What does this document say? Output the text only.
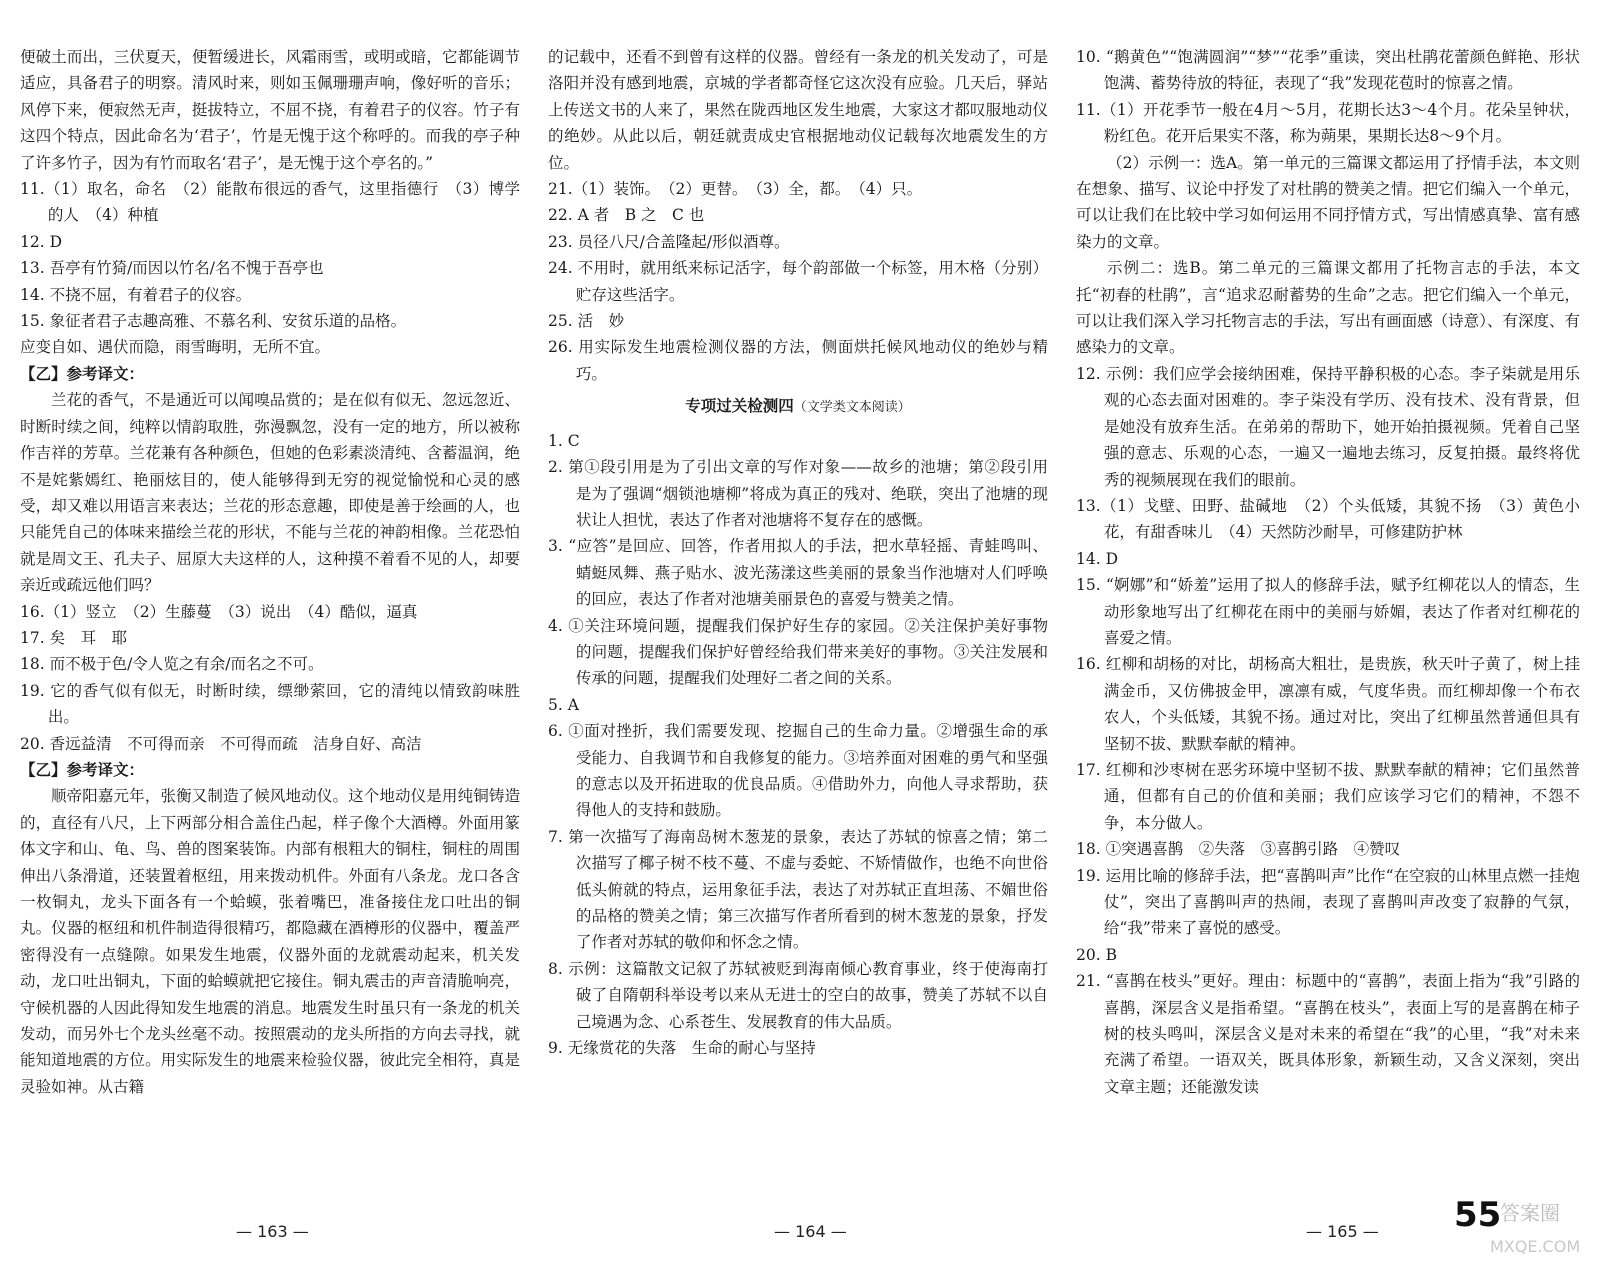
便破土而出，三伏夏天，便暂缓进长，风霜雨雪，或明或暗，它都能调节适应，具备君子的明察。清风时来，则如玉佩珊珊声响，像好听的音乐；风停下来，便寂然无声，挺拔特立，不屈不挠，有着君子的仪容。竹子有这四个特点，因此命名为‘君子’，竹是无愧于这个称呼的。而我的亭子种了许多竹子，因为有竹而取名‘君子’，是无愧于这个亭名的。”

11.（1）取名，命名　（2）能散布很远的香气，这里指德行　（3）博学的人　（4）种植

12. D

13. 吾亭有竹猗/而因以竹名/名不愧于吾亭也

14. 不挠不屈，有着君子的仪容。

15. 象征者君子志趣高雅、不慕名利、安贫乐道的品格。

应变自如、遇伏而隐，雨雪晦明，无所不宜。

【乙】参考译文：

兰花的香气，不是通近可以闻嗅品赏的；是在似有似无、忽远忽近、时断时续之间，纯粹以情韵取胜，弥漫飘忽，没有一定的地方，所以被称作吉祥的芳草。兰花兼有各种颜色，但她的色彩素淡清纯、含蓄温润，绝不是姹紫嫣红、艳丽炫目的，使人能够得到无穷的视觉愉悦和心灵的感受，却又难以用语言来表达；兰花的形态意趣，即使是善于绘画的人，也只能凭自己的体味来描绘兰花的形状，不能与兰花的神韵相像。兰花恐怕就是周文王、孔夫子、屈原大夫这样的人，这种摸不着看不见的人，却要亲近或疏远他们吗？

16.（1）竖立　（2）生藤蔓　（3）说出　（4）酷似，逼真

17. 矣　耳　耶

18. 而不极于色/令人览之有余/而名之不可。

19. 它的香气似有似无，时断时续，缥缈萦回，它的清纯以情致韵味胜出。

20. 香远益清　不可得而亲　不可得而疏　洁身自好、高洁

【乙】参考译文：

顺帝阳嘉元年，张衡又制造了候风地动仪。这个地动仪是用纯铜铸造的，直径有八尺，上下两部分相合盖住凸起，样子像个大酒樽。外面用篆体文字和山、龟、鸟、兽的图案装饰。内部有根粗大的铜柱，铜柱的周围伸出八条滑道，还装置着枢纽，用来拨动机件。外面有八条龙。龙口各含一枚铜丸，龙头下面各有一个蛤蟆，张着嘴巴，准备接住龙口吐出的铜丸。仪器的枢纽和机件制造得很精巧，都隐藏在酒樽形的仪器中，覆盖严密得没有一点缝隙。如果发生地震，仪器外面的龙就震动起来，机关发动，龙口吐出铜丸，下面的蛤蟆就把它接住。铜丸震击的声音清脆响亮，守候机器的人因此得知发生地震的消息。地震发生时虽只有一条龙的机关发动，而另外七个龙头丝毫不动。按照震动的龙头所指的方向去寻找，就能知道地震的方位。用实际发生的地震来检验仪器，彼此完全相符，真是灵验如神。从古籍

的记载中，还看不到曾有这样的仪器。曾经有一条龙的机关发动了，可是洛阳并没有感到地震，京城的学者都奇怪它这次没有应验。几天后，驿站上传送文书的人来了，果然在陇西地区发生地震，大家这才都叹服地动仪的绝妙。从此以后，朝廷就责成史官根据地动仪记载每次地震发生的方位。

21.（1）装饰。　（2）更替。　（3）全，都。　（4）只。

22. A 者　B 之　C 也

23. 员径八尺/合盖隆起/形似酒尊。

24. 不用时，就用纸来标记活字，每个韵部做一个标签，用木格（分别）贮存这些活字。

25. 活　妙

26. 用实际发生地震检测仪器的方法，侧面烘托候风地动仪的绝妙与精巧。

专项过关检测四（文学类文本阅读）

1. C

2. 第①段引用是为了引出文章的写作对象——故乡的池塘；第②段引用是为了强调“烟锁池塘柳”将成为真正的残对、绝联，突出了池塘的现状让人担忧，表达了作者对池塘将不复存在的感慨。

3. “应答”是回应、回答，作者用拟人的手法，把水草轻摇、青蛙鸣叫、蜻蜓凤舞、燕子贴水、波光荡漾这些美丽的景象当作池塘对人们呼唤的回应，表达了作者对池塘美丽景色的喜爱与赞美之情。

4. ①关注环境问题，提醒我们保护好生存的家园。②关注保护美好事物的问题，提醒我们保护好曾经给我们带来美好的事物。③关注发展和传承的问题，提醒我们处理好二者之间的关系。

5. A

6. ①面对挫折，我们需要发现、挖掘自己的生命力量。②增强生命的承受能力、自我调节和自我修复的能力。③培养面对困难的勇气和坚强的意志以及开拓进取的优良品质。④借助外力，向他人寻求帮助，获得他人的支持和鼓励。

7. 第一次描写了海南岛树木葱茏的景象，表达了苏轼的惊喜之情；第二次描写了椰子树不枝不蔓、不虚与委蛇、不矫情做作，也绝不向世俗低头俯就的特点，运用象征手法，表达了对苏轼正直坦荡、不媚世俗的品格的赞美之情；第三次描写作者所看到的树木葱茏的景象，抒发了作者对苏轼的敬仰和怀念之情。

8. 示例：这篇散文记叙了苏轼被贬到海南倾心教育事业，终于使海南打破了自隋朝科举设考以来从无进士的空白的故事，赞美了苏轼不以自己境遇为念、心系苍生、发展教育的伟大品质。

9. 无缘赏花的失落　生命的耐心与坚持

10. “鹅黄色”“饱满圆润”“梦”“花季”重读，突出杜鹃花蕾颜色鲜艳、形状饱满、蓄势待放的特征，表现了“我”发现花苞时的惊喜之情。

11.（1）开花季节一般在4月～5月，花期长达3～4个月。花朵呈钟状，粉红色。花开后果实不落，称为蒴果，果期长达8～9个月。

（2）示例一：选A。第一单元的三篇课文都运用了抒情手法，本文则在想象、描写、议论中抒发了对杜鹃的赞美之情。把它们编入一个单元，可以让我们在比较中学习如何运用不同抒情方式，写出情感真挚、富有感染力的文章。

示例二：选B。第二单元的三篇课文都用了托物言志的手法，本文托“初春的杜鹃”，言“追求忍耐蓄势的生命”之志。把它们编入一个单元，可以让我们深入学习托物言志的手法，写出有画面感（诗意）、有深度、有感染力的文章。

12. 示例：我们应学会接纳困难，保持平静积极的心态。李子柒就是用乐观的心态去面对困难的。李子柒没有学历、没有技术、没有背景，但是她没有放弃生活。在弟弟的帮助下，她开始拍摄视频。凭着自己坚强的意志、乐观的心态，一遍又一遍地去练习，反复拍摄。最终将优秀的视频展现在我们的眼前。

13.（1）戈壁、田野、盐碱地　（2）个头低矮，其貌不扬　（3）黄色小花，有甜香味儿　（4）天然防沙耐旱，可修建防护林

14. D

15. “婀娜”和“娇羞”运用了拟人的修辞手法，赋予红柳花以人的情态，生动形象地写出了红柳花在雨中的美丽与娇媚，表达了作者对红柳花的喜爱之情。

16. 红柳和胡杨的对比，胡杨高大粗壮，是贵族，秋天叶子黄了，树上挂满金币，又仿佛披金甲，凛凛有威，气度华贵。而红柳却像一个布衣农人，个头低矮，其貌不扬。通过对比，突出了红柳虽然普通但具有坚韧不拔、默默奉献的精神。

17. 红柳和沙枣树在恶劣环境中坚韧不拔、默默奉献的精神；它们虽然普通，但都有自己的价值和美丽；我们应该学习它们的精神，不怨不争，本分做人。

18. ①突遇喜鹊　②失落　③喜鹊引路　④赞叹

19. 运用比喻的修辞手法，把“喜鹊叫声”比作“在空寂的山林里点燃一挂炮仗”，突出了喜鹊叫声的热闹，表现了喜鹊叫声改变了寂静的气氛，给“我”带来了喜悦的感受。

20. B

21. “喜鹊在枝头”更好。理由：标题中的“喜鹊”，表面上指为“我”引路的喜鹊，深层含义是指希望。“喜鹊在枝头”，表面上写的是喜鹊在柿子树的枝头鸣叫，深层含义是对未来的希望在“我”的心里，“我”对未来充满了希望。一语双关，既具体形象，新颖生动，又含义深刻，突出文章主题；还能激发读

— 163 —	— 164 —	— 165 — 55
答案圈
MXQE.COM
